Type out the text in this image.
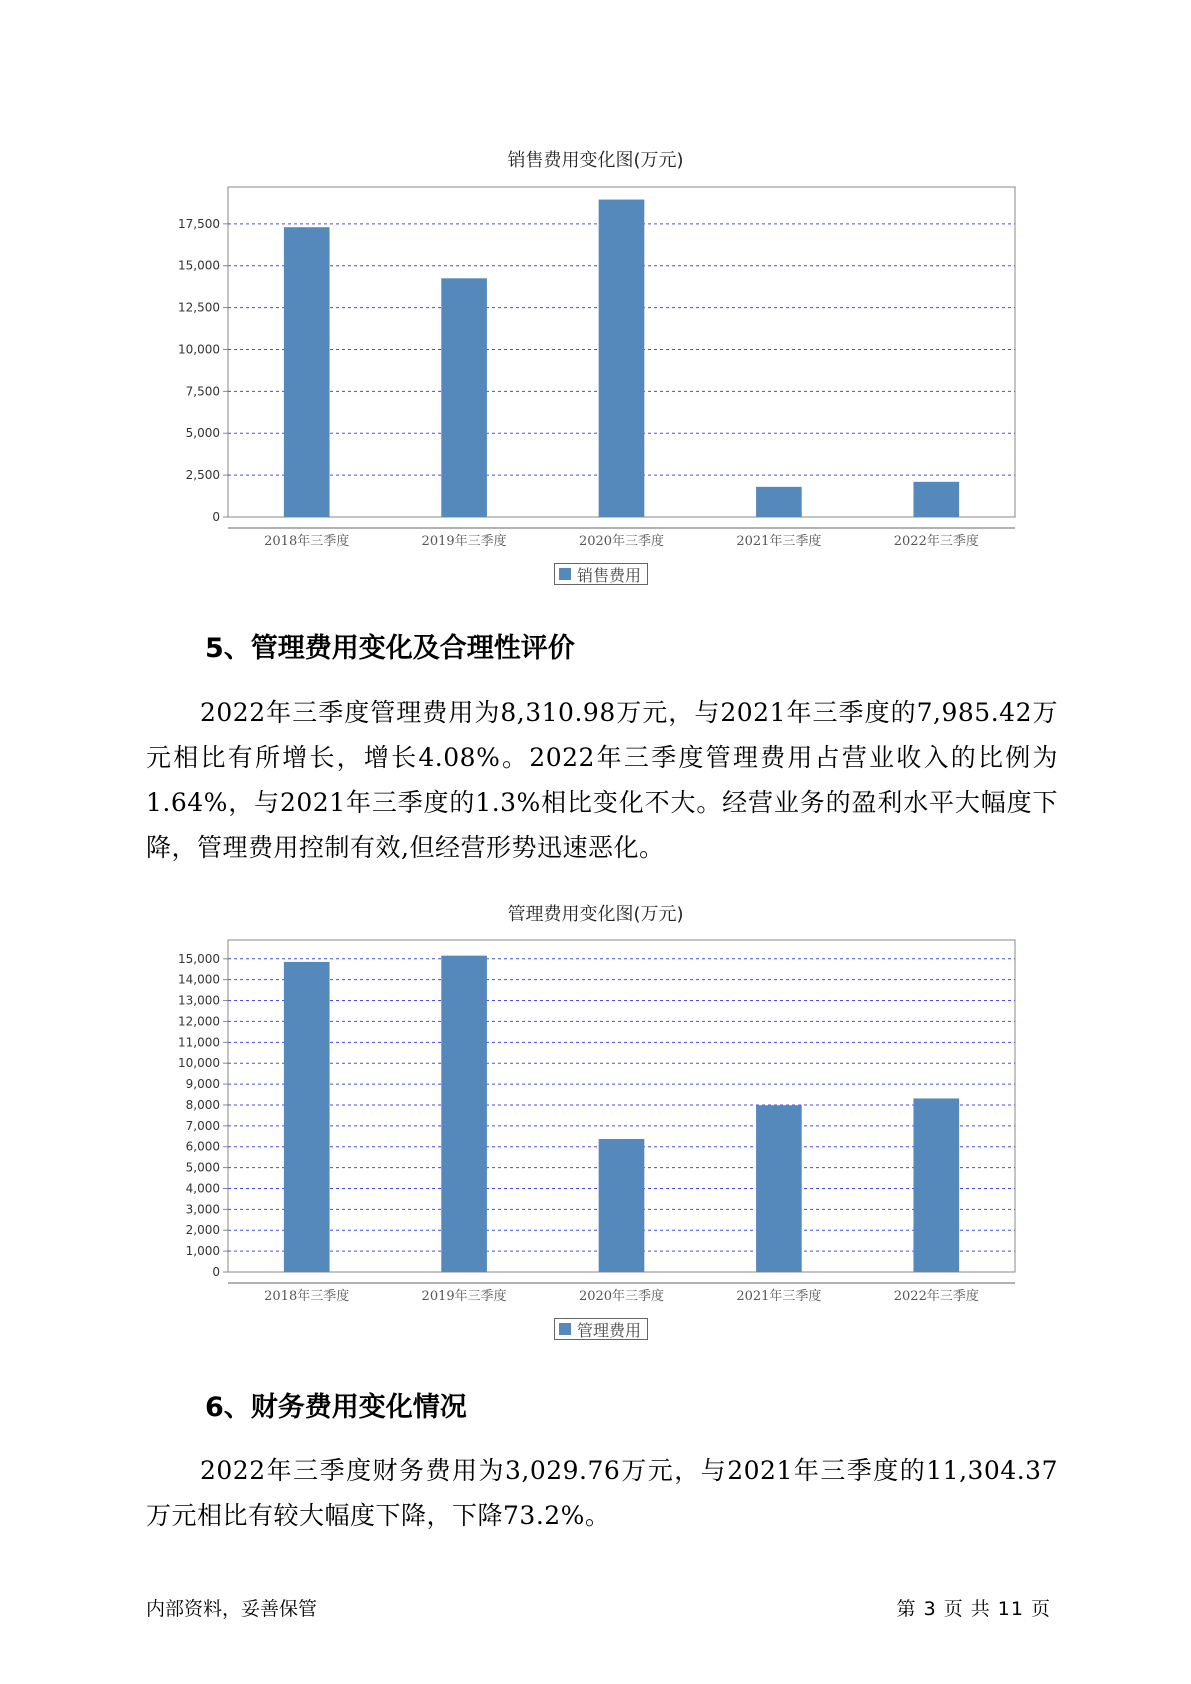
销售费用变化图(万元)
0
2,500
5,000
7,500
10,000
12,500
15,000
17,500
2018年三季度	2019年三季度	2020年三季度	2021年三季度	2022年三季度
销售费用
5、管理费用变化及合理性评价

2022年三季度管理费用为8,310.98万元，与2021年三季度的7,985.42万元相比有所增长，增长4.08%。2022年三季度管理费用占营业收入的比例为1.64%，与2021年三季度的1.3%相比变化不大。经营业务的盈利水平大幅度下降，管理费用控制有效,但经营形势迅速恶化。

管理费用变化图(万元)
0
1,000
2,000
3,000
4,000
5,000
6,000
7,000
8,000
9,000
10,000
11,000
12,000
13,000
14,000
15,000
2018年三季度	2019年三季度	2020年三季度	2021年三季度	2022年三季度
管理费用
6、财务费用变化情况

2022年三季度财务费用为3,029.76万元，与2021年三季度的11,304.37万元相比有较大幅度下降，下降73.2%。

内部资料，妥善保管	第 3 页 共 11 页
